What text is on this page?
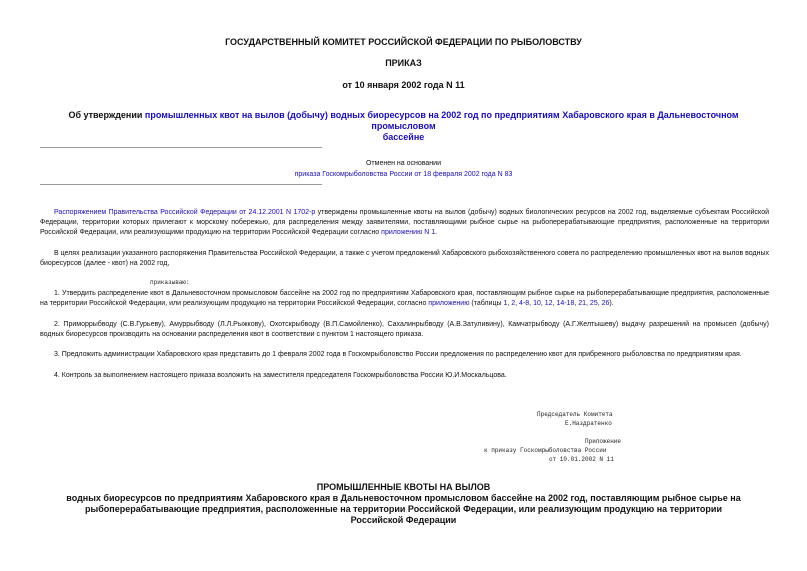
ГОСУДАРСТВЕННЫЙ КОМИТЕТ РОССИЙСКОЙ ФЕДЕРАЦИИ ПО РЫБОЛОВСТВУ
ПРИКАЗ
от 10 января 2002 года N 11
Об утверждении промышленных квот на вылов (добычу) водных биоресурсов на 2002 год по предприятиям Хабаровского края в Дальневосточном промысловом
бассейне
Отменен на основании
приказа Госкомрыболовства России от 18 февраля 2002 года N 83
Распоряжением Правительства Российской Федерации от 24.12.2001 N 1702-р утверждены промышленные квоты на вылов (добычу) водных биологических ресурсов на 2002 год, выделяемые субъектам Российской Федерации, территории которых прилегают к морскому побережью, для распределения между заявителями, поставляющими рыбное сырье на рыбоперерабатывающие предприятия, расположенные на территории Российской Федерации, или реализующими продукцию на территории Российской Федерации согласно приложению N 1.
В целях реализации указанного распоряжения Правительства Российской Федерации, а также с учетом предложений Хабаровского рыбохозяйственного совета по распределению промышленных квот на вылов водных биоресурсов (далее - квот) на 2002 год,
приказываю:
1. Утвердить распределение квот в Дальневосточном промысловом бассейне на 2002 год по предприятиям Хабаровского края, поставляющим рыбное сырье на рыбоперерабатывающие предприятия, расположенные на территории Российской Федерации, или реализующим продукцию на территории Российской Федерации, согласно приложению (таблицы 1, 2, 4-8, 10, 12, 14-18, 21, 25, 26).
2. Приморрыбводу (С.В.Гурьеву), Амуррыбводу (Л.Л.Рыжкову), Охотскрыбводу (В.П.Самойленко), Сахалинрыбводу (А.В.Затуливину), Камчатрыбводу (А.Г.Желтышеву) выдачу разрешений на промысел (добычу) водных биоресурсов производить на основании распределения квот в соответствии с пунктом 1 настоящего приказа.
3. Предложить администрации Хабаровского края представить до 1 февраля 2002 года в Госкомрыболовство России предложения по распределению квот для прибрежного рыболовства по предприятиям края.
4. Контроль за выполнением настоящего приказа возложить на заместителя председателя Госкомрыболовства России Ю.И.Москальцова.
Председатель Комитета
Е.Наздратенко
Приложение
к приказу Госкомрыболовства России
от 10.01.2002 N 11
ПРОМЫШЛЕННЫЕ КВОТЫ НА ВЫЛОВ
водных биоресурсов по предприятиям Хабаровского края в Дальневосточном промысловом бассейне на 2002 год, поставляющим рыбное сырье на рыбоперерабатывающие предприятия, расположенные на территории Российской Федерации, или реализующим продукцию на территории Российской Федерации
